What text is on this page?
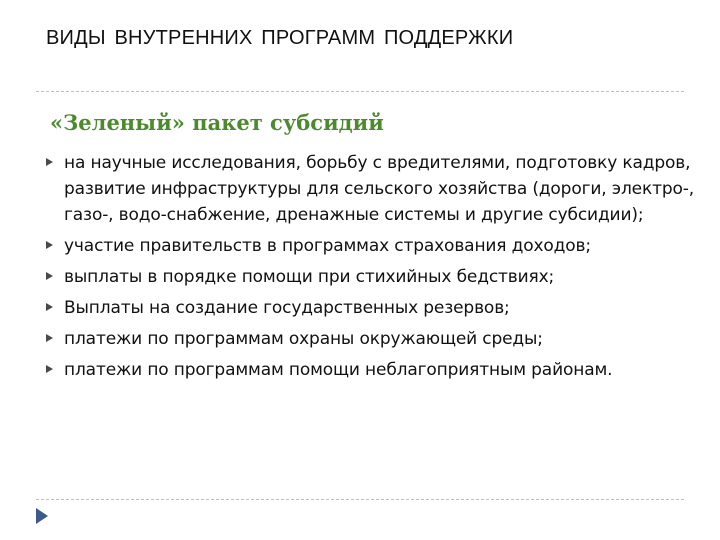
ВИДЫ ВНУТРЕННИХ ПРОГРАММ ПОДДЕРЖКИ
«Зеленый» пакет субсидий
на научные исследования, борьбу с вредителями, подготовку кадров, развитие инфраструктуры для сельского хозяйства (дороги, электро-, газо-, водо-снабжение, дренажные системы и другие субсидии);
участие правительств в программах страхования доходов;
выплаты в порядке помощи при стихийных бедствиях;
Выплаты на создание государственных резервов;
платежи по программам охраны окружающей среды;
платежи по программам помощи неблагоприятным районам.
